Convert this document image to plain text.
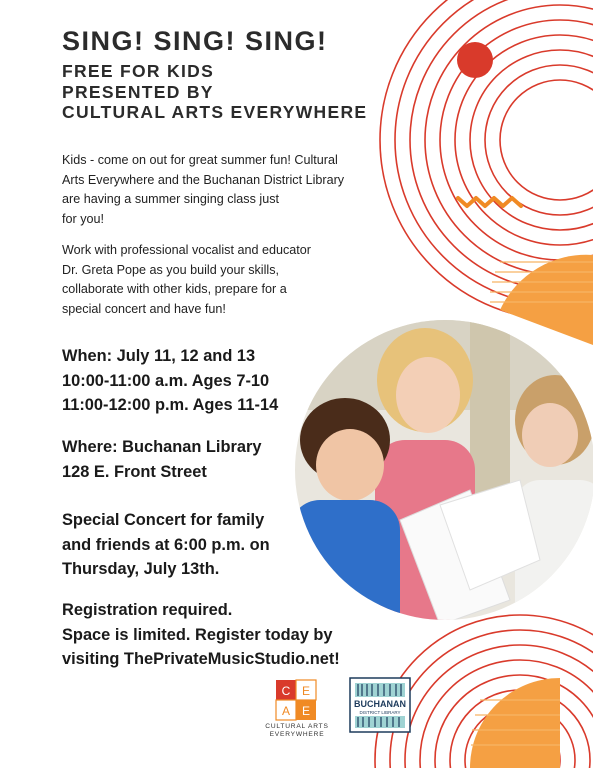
C E
A E	BUCHANAN
DISTRICT LIBRARY
SING! SING! SING!
FREE FOR KIDS
PRESENTED BY
CULTURAL ARTS EVERYWHERE
Kids - come on out for great summer fun! Cultural
Arts Everywhere and the Buchanan District Library
are having a summer singing class just
for you!
Work with professional vocalist and educator
Dr. Greta Pope as you build your skills,
collaborate with other kids, prepare for a
special concert and have fun!
When: July 11, 12 and 13
10:00-11:00 a.m. Ages 7-10
11:00-12:00 p.m. Ages 11-14
Where: Buchanan Library
128 E. Front Street
Special Concert for family
and friends at 6:00 p.m. on
Thursday, July 13th.
Registration required.
Space is limited. Register today by
visiting ThePrivateMusicStudio.net!
CULTURAL ARTS
EVERYWHERE
